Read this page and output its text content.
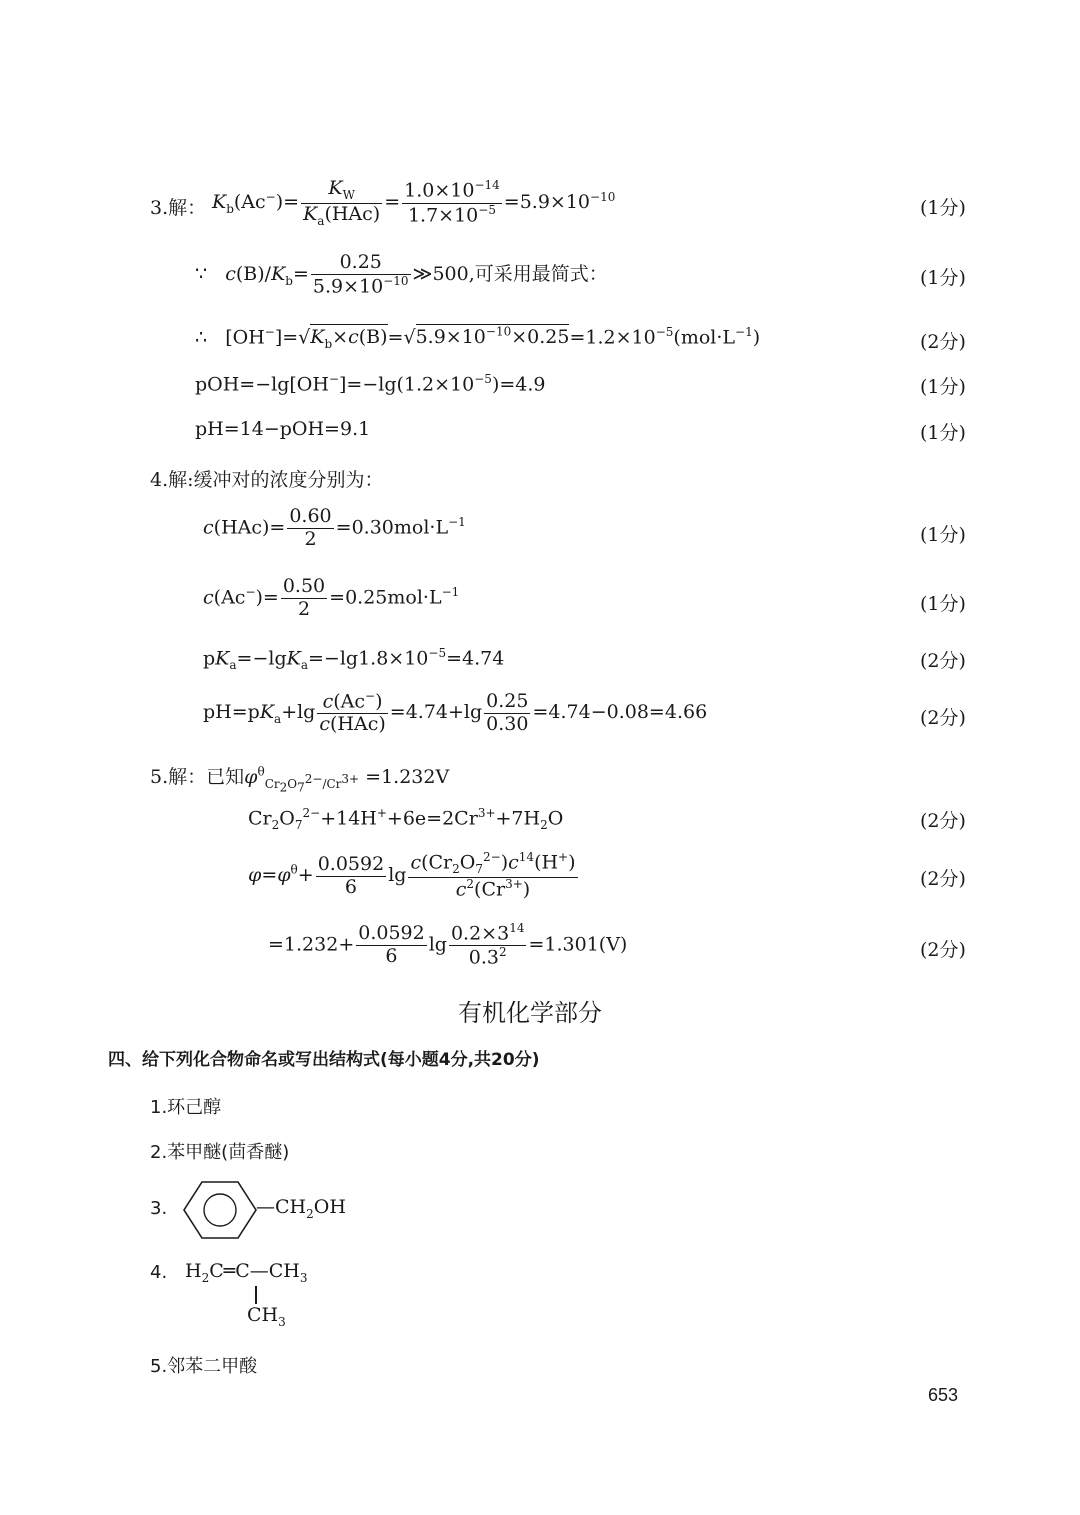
3.解： $K_b(Ac^-)= \frac{K_W}{K_a(HAc)} = \frac{1.0\times 10^{-14}}{1.7\times 10^{-5}} =5.9\times 10^{-10}$
(1分)
∵   $c(B)/K_b= \frac{0.25}{5.9\times 10^{-10}}$ ≫500,可采用最简式：	(1分)
∴   $[OH^-]=√K_b\times c(B)=√5.9\times 10^{-10}\times 0.25=1.2\times 10^{-5}(mol\cdot L^{-1})$	(2分)
$pOH=-\lg[OH^-]=-\lg(1.2\times 10^{-5})=4.9$	(1分)
pH=14−pOH=9.1	(1分)
4.解:缓冲对的浓度分别为：
$c(HAc)= \frac{0.60}{2} =0.30mol\cdot L^{-1}$
(1分)
$c(Ac^-)= \frac{0.50}{2} =0.25mol\cdot L^{-1}$
(1分)
$pK_a=-\lg K_a=-\lg 1.8\times 10^{-5}=4.74$	(2分)
$pH=pK_a+\lg \frac{c(Ac^-)}{\text{c(HAc)}} =4.74+\lg \frac{0.25}{0.30} =4.74-0.08=4.66$	(2分)
5.解：已知$\varphi^\theta_{Cr_2O_7^{2-}/Cr^{3+}} =1.232V$
$Cr_2O_7^{2-}+14H^++6e=2Cr^{3+}+7H_2O$	(2分)
$\varphi=\varphi^\theta+ \frac{0.0592}{6}$ $\lg \frac{c(Cr_2O_7^{2-})c^{14}(H^+)}{c^2(Cr^{3+})}$	(2分)
$=1.232+ \frac{0.0592}{6}$ $\lg \frac{0.2\times 3^{14}}{0.3^2} =1.301(V)$	(2分)
有机化学部分
四、给下列化合物命名或写出结构式(每小题4分,共20分)
1.环己醇
2.苯甲醚(茴香醚)
3.	$—CH_2OH$
4. $H_2C═C—CH_3$
$CH_3$
5.邻苯二甲酸
653
